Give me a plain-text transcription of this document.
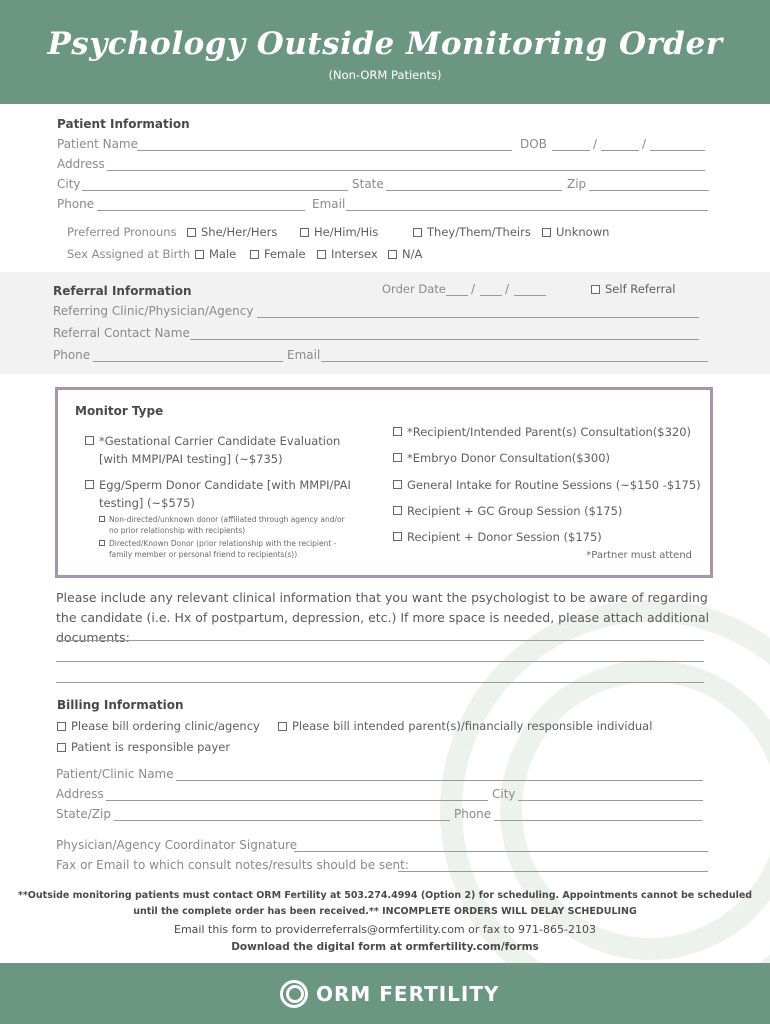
Psychology Outside Monitoring Order
(Non-ORM Patients)
Patient Information
Patient Name	DOB	/	/
Address
City	State	Zip
Phone	Email
Preferred Pronouns She/Her/Hers	He/Him/His	They/Them/Theirs Unknown
Sex Assigned at Birth Male Female Intersex N/A
Referral Information	Order Date / /	Self Referral
Referring Clinic/Physician/Agency
Referral Contact Name
Phone	Email
Monitor Type
*Gestational Carrier Candidate Evaluation
[with MMPI/PAI testing] (~$735)
Egg/Sperm Donor Candidate [with MMPI/PAI
testing] (~$575)
Non-directed/unknown donor (affiliated through agency and/or
no prior relationship with recipients)
Directed/Known Donor (prior relationship with the recipient -
family member or personal friend to recipients(s))
*Recipient/Intended Parent(s) Consultation($320)
*Embryo Donor Consultation($300)
General Intake for Routine Sessions (~$150 -$175)
Recipient + GC Group Session ($175)
Recipient + Donor Session ($175)
*Partner must attend
Please include any relevant clinical information that you want the psychologist to be aware of regarding the candidate (i.e. Hx of postpartum, depression, etc.) If more space is needed, please attach additional documents:
Billing Information
Please bill ordering clinic/agency	Please bill intended parent(s)/financially responsible individual
Patient is responsible payer
Patient/Clinic Name
Address	City
State/Zip	Phone
Physician/Agency Coordinator Signature
Fax or Email to which consult notes/results should be sent:
**Outside monitoring patients must contact ORM Fertility at 503.274.4994 (Option 2) for scheduling. Appointments cannot be scheduled
until the complete order has been received.** INCOMPLETE ORDERS WILL DELAY SCHEDULING
Email this form to providerreferrals@ormfertility.com or fax to 971-865-2103
Download the digital form at ormfertility.com/forms
ORM FERTILITY
